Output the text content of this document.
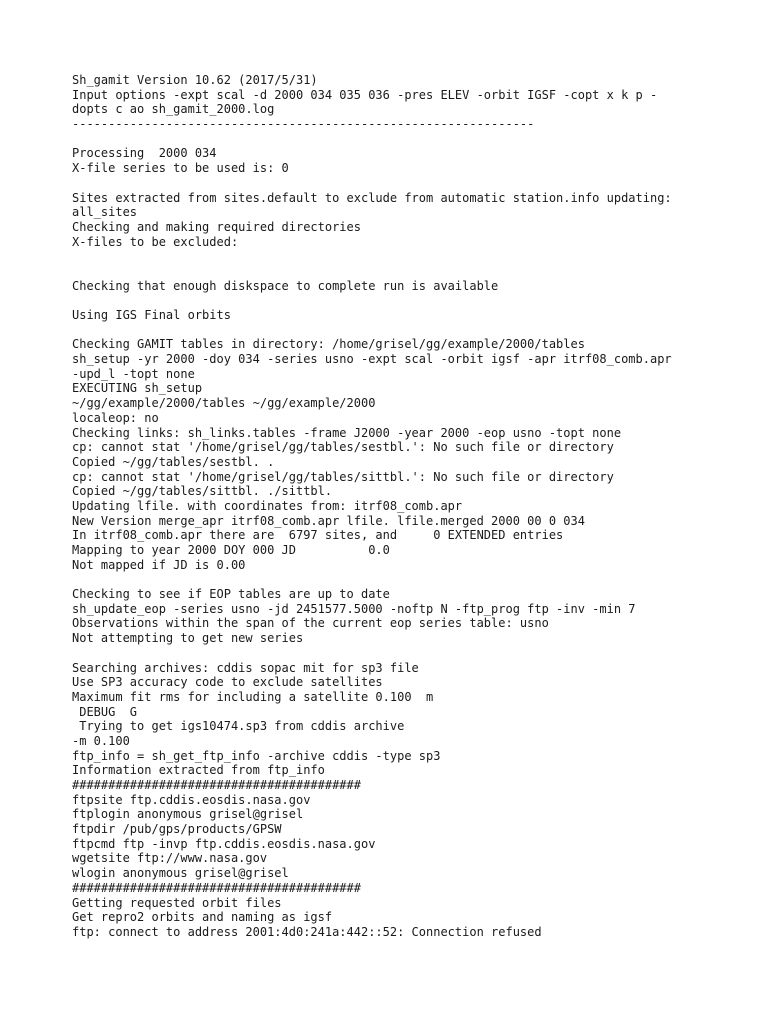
Sh_gamit Version 10.62 (2017/5/31)
Input options -expt scal -d 2000 034 035 036 -pres ELEV -orbit IGSF -copt x k p -
dopts c ao sh_gamit_2000.log
----------------------------------------------------------------
Processing  2000 034
X-file series to be used is: 0
Sites extracted from sites.default to exclude from automatic station.info updating:
all_sites
Checking and making required directories
X-files to be excluded:
Checking that enough diskspace to complete run is available
Using IGS Final orbits
Checking GAMIT tables in directory: /home/grisel/gg/example/2000/tables
sh_setup -yr 2000 -doy 034 -series usno -expt scal -orbit igsf -apr itrf08_comb.apr
-upd_l -topt none
EXECUTING sh_setup
~/gg/example/2000/tables ~/gg/example/2000
localeop: no
Checking links: sh_links.tables -frame J2000 -year 2000 -eop usno -topt none
cp: cannot stat '/home/grisel/gg/tables/sestbl.': No such file or directory
Copied ~/gg/tables/sestbl. .
cp: cannot stat '/home/grisel/gg/tables/sittbl.': No such file or directory
Copied ~/gg/tables/sittbl. ./sittbl.
Updating lfile. with coordinates from: itrf08_comb.apr
New Version merge_apr itrf08_comb.apr lfile. lfile.merged 2000 00 0 034
In itrf08_comb.apr there are  6797 sites, and     0 EXTENDED entries
Mapping to year 2000 DOY 000 JD          0.0
Not mapped if JD is 0.00
Checking to see if EOP tables are up to date
sh_update_eop -series usno -jd 2451577.5000 -noftp N -ftp_prog ftp -inv -min 7
Observations within the span of the current eop series table: usno
Not attempting to get new series
Searching archives: cddis sopac mit for sp3 file
Use SP3 accuracy code to exclude satellites
Maximum fit rms for including a satellite 0.100  m
DEBUG  G
Trying to get igs10474.sp3 from cddis archive
-m 0.100
ftp_info = sh_get_ftp_info -archive cddis -type sp3
Information extracted from ftp_info
########################################
ftpsite ftp.cddis.eosdis.nasa.gov
ftplogin anonymous grisel@grisel
ftpdir /pub/gps/products/GPSW
ftpcmd ftp -invp ftp.cddis.eosdis.nasa.gov
wgetsite ftp://www.nasa.gov
wlogin anonymous grisel@grisel
########################################
Getting requested orbit files
Get repro2 orbits and naming as igsf
ftp: connect to address 2001:4d0:241a:442::52: Connection refused
